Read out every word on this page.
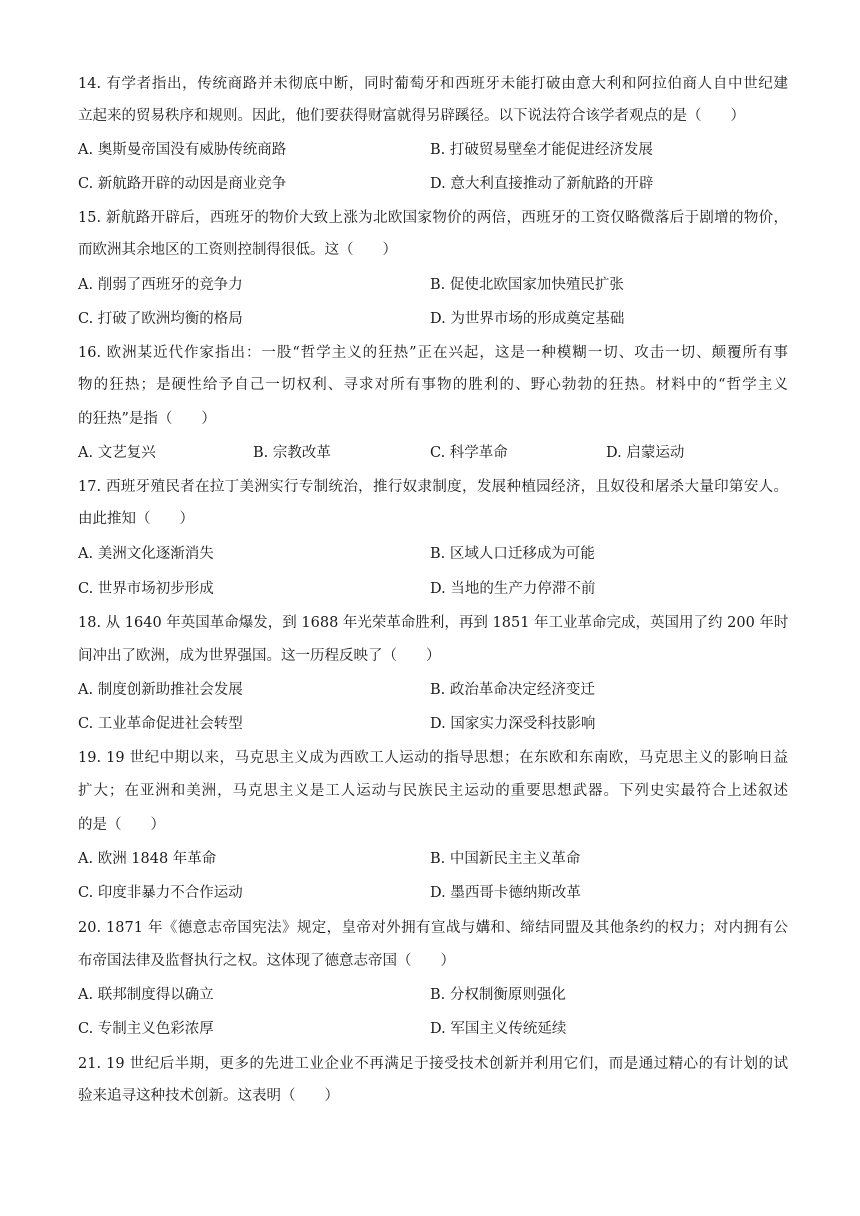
14. 有学者指出，传统商路并未彻底中断，同时葡萄牙和西班牙未能打破由意大利和阿拉伯商人自中世纪建
立起来的贸易秩序和规则。因此，他们要获得财富就得另辟蹊径。以下说法符合该学者观点的是（　　）
A. 奥斯曼帝国没有威胁传统商路	B. 打破贸易壁垒才能促进经济发展
C. 新航路开辟的动因是商业竞争	D. 意大利直接推动了新航路的开辟
15. 新航路开辟后，西班牙的物价大致上涨为北欧国家物价的两倍，西班牙的工资仅略微落后于剧增的物价，
而欧洲其余地区的工资则控制得很低。这（　　）
A. 削弱了西班牙的竞争力	B. 促使北欧国家加快殖民扩张
C. 打破了欧洲均衡的格局	D. 为世界市场的形成奠定基础
16. 欧洲某近代作家指出：一股“哲学主义的狂热”正在兴起，这是一种模糊一切、攻击一切、颠覆所有事
物的狂热；是硬性给予自己一切权利、寻求对所有事物的胜利的、野心勃勃的狂热。材料中的“哲学主义
的狂热”是指（　　）
A. 文艺复兴	B. 宗教改革	C. 科学革命	D. 启蒙运动
17. 西班牙殖民者在拉丁美洲实行专制统治，推行奴隶制度，发展种植园经济，且奴役和屠杀大量印第安人。
由此推知（　　）
A. 美洲文化逐渐消失	B. 区域人口迁移成为可能
C. 世界市场初步形成	D. 当地的生产力停滞不前
18. 从 1640 年英国革命爆发，到 1688 年光荣革命胜利，再到 1851 年工业革命完成，英国用了约 200 年时
间冲出了欧洲，成为世界强国。这一历程反映了（　　）
A. 制度创新助推社会发展	B. 政治革命决定经济变迁
C. 工业革命促进社会转型	D. 国家实力深受科技影响
19. 19 世纪中期以来，马克思主义成为西欧工人运动的指导思想；在东欧和东南欧，马克思主义的影响日益
扩大；在亚洲和美洲，马克思主义是工人运动与民族民主运动的重要思想武器。下列史实最符合上述叙述
的是（　　）
A. 欧洲 1848 年革命	B. 中国新民主主义革命
C. 印度非暴力不合作运动	D. 墨西哥卡德纳斯改革
20. 1871 年《德意志帝国宪法》规定，皇帝对外拥有宣战与媾和、缔结同盟及其他条约的权力；对内拥有公
布帝国法律及监督执行之权。这体现了德意志帝国（　　）
A. 联邦制度得以确立	B. 分权制衡原则强化
C. 专制主义色彩浓厚	D. 军国主义传统延续
21. 19 世纪后半期，更多的先进工业企业不再满足于接受技术创新并利用它们，而是通过精心的有计划的试
验来追寻这种技术创新。这表明（　　）
